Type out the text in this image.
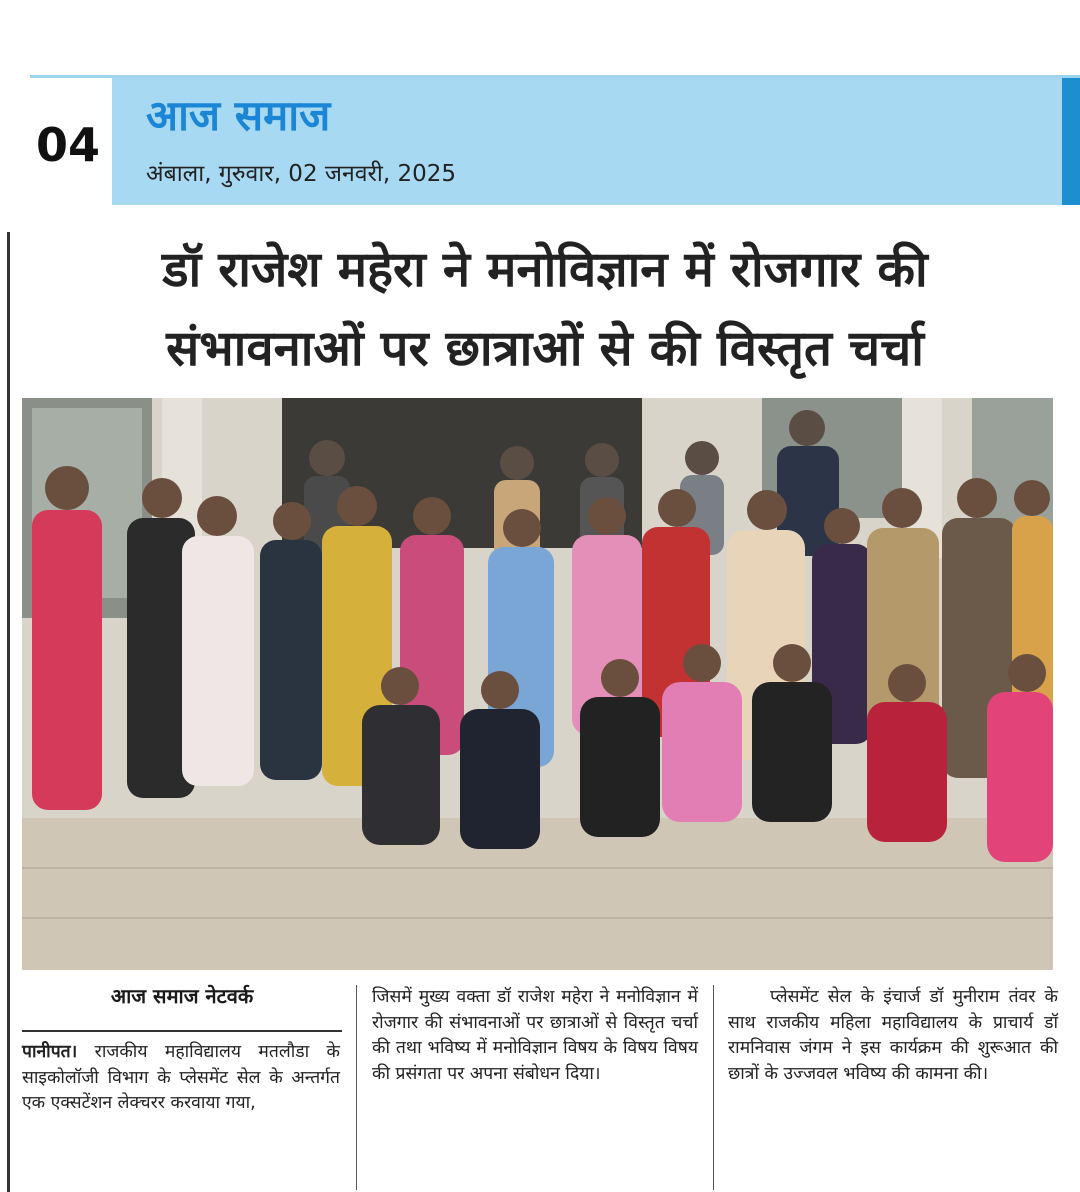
04
आज समाज
अंबाला, गुरुवार, 02 जनवरी, 2025
डॉ राजेश महेरा ने मनोविज्ञान में रोजगार की
संभावनाओं पर छात्राओं से की विस्तृत चर्चा
आज समाज नेटवर्क
पानीपत। राजकीय महाविद्यालय मतलौडा के साइकोलॉजी विभाग के प्लेसमेंट सेल के अन्तर्गत एक एक्सटेंशन लेक्चरर करवाया गया,
जिसमें मुख्य वक्ता डॉ राजेश महेरा ने मनोविज्ञान में रोजगार की संभावनाओं पर छात्राओं से विस्तृत चर्चा की तथा भविष्य में मनोविज्ञान विषय के विषय विषय की प्रसंगता पर अपना संबोधन दिया।
प्लेसमेंट सेल के इंचार्ज डॉ मुनीराम तंवर के साथ राजकीय महिला महाविद्यालय के प्राचार्य डॉ रामनिवास जंगम ने इस कार्यक्रम की शुरूआत की छात्रों के उज्जवल भविष्य की कामना की।
